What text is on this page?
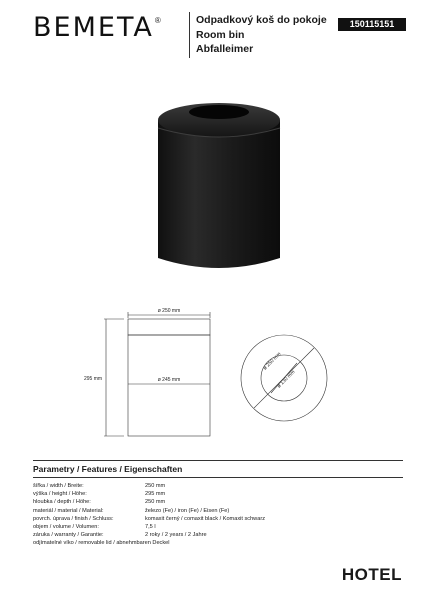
BEMETA ®	Odpadkový koš do pokoje
Room bin
Abfalleimer
150115151
ø 250 mm
ø 245 mm
295 mm
ø 250 mm
ø 130 mm
Parametry / Features / Eigenschaften
šířka / width / Breite:	250 mm
výška / height / Höhe:	295 mm
hloubka / depth / Höhe:	250 mm
materiál / material / Material:	železo (Fe) / iron (Fe) / Eisen (Fe)
povrch. úprava / finish / Schluss:	komaxit černý / comaxit black / Komaxit schwarz
objem / volume / Volumen:	7,5 l
záruka / warranty / Garantie:	2 roky / 2 years / 2 Jahre
odjímatelné víko / removable lid / abnehmbaren Deckel	
HOTEL
